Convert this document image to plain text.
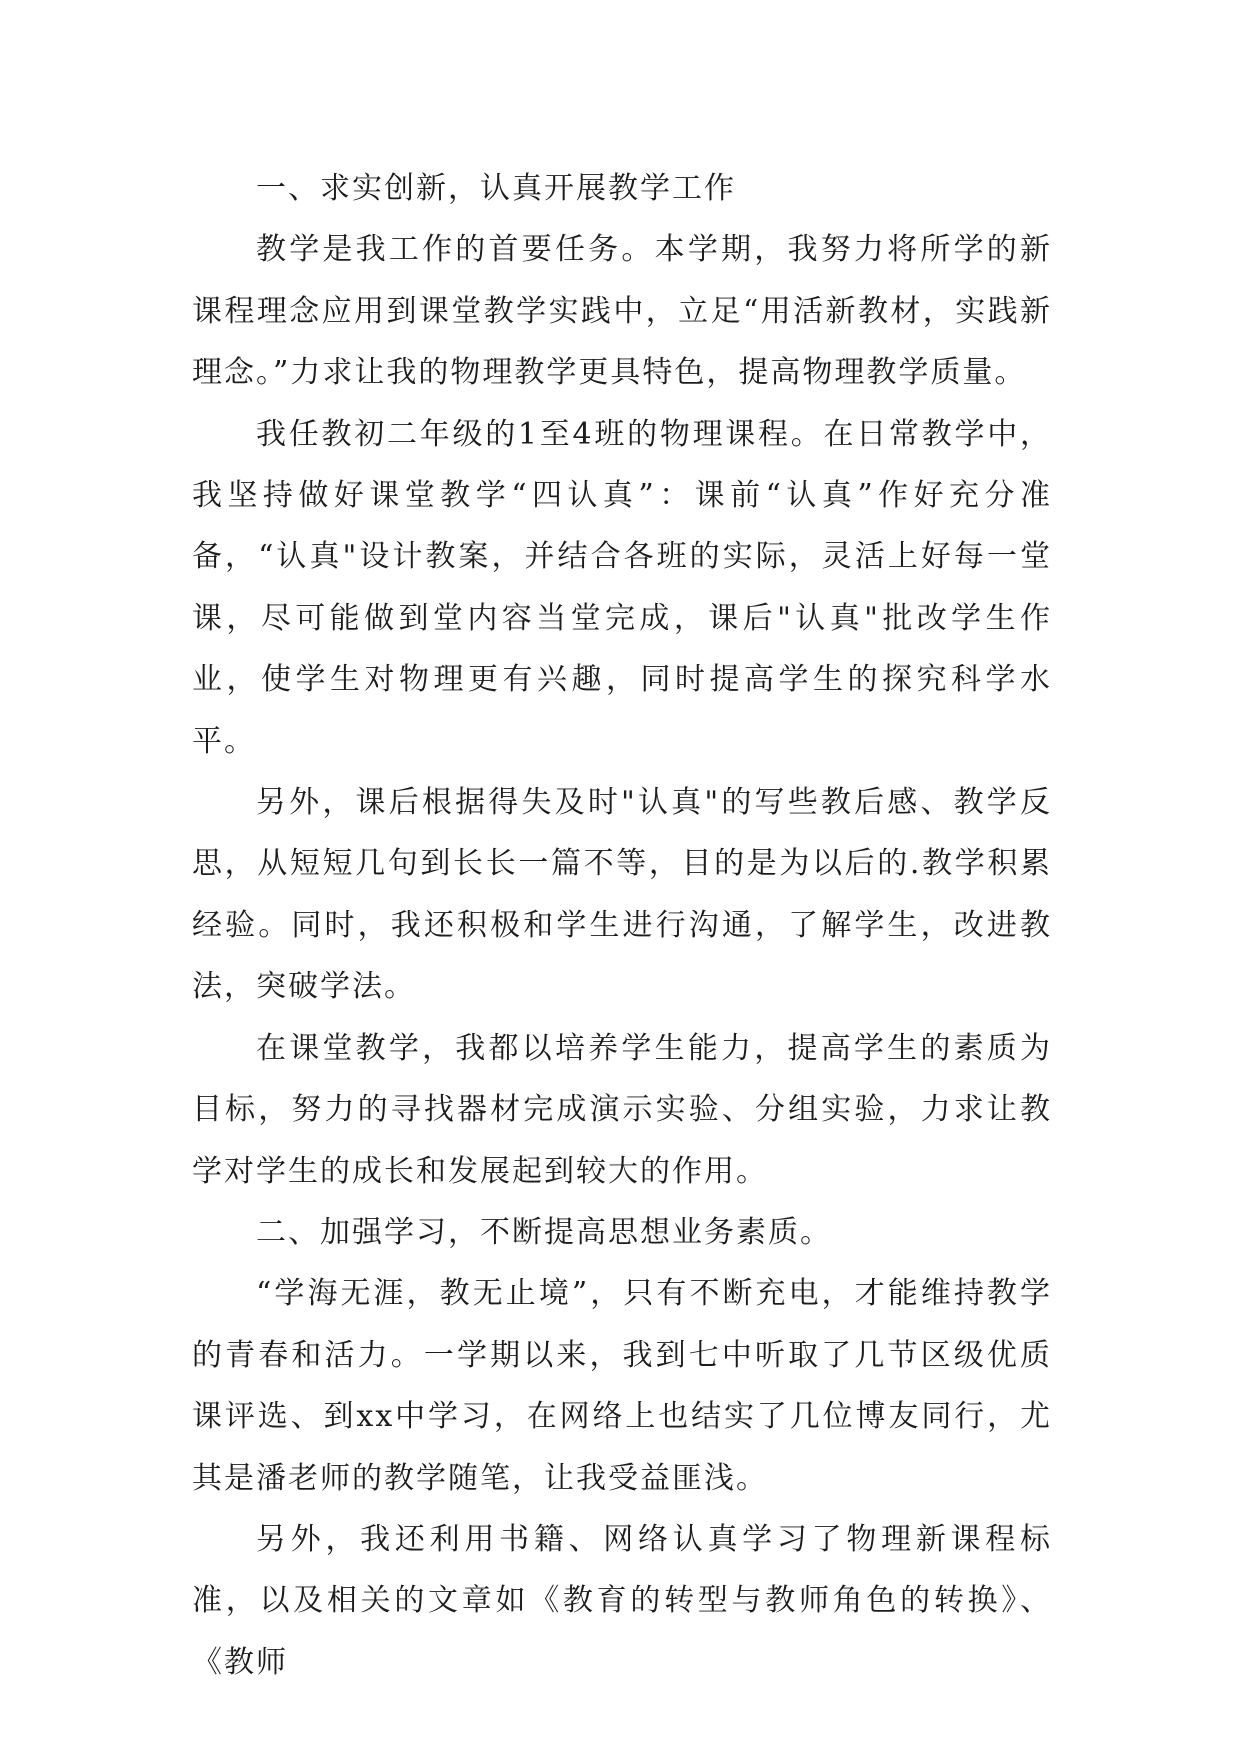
一、求实创新，认真开展教学工作

教学是我工作的首要任务。本学期，我努力将所学的新课程理念应用到课堂教学实践中，立足“用活新教材，实践新理念。”力求让我的物理教学更具特色，提高物理教学质量。

我任教初二年级的1至4班的物理课程。在日常教学中，我坚持做好课堂教学“四认真”：课前“认真”作好充分准备，“认真"设计教案，并结合各班的实际，灵活上好每一堂课，尽可能做到堂内容当堂完成，课后"认真"批改学生作业，使学生对物理更有兴趣，同时提高学生的探究科学水平。

另外，课后根据得失及时"认真"的写些教后感、教学反思，从短短几句到长长一篇不等，目的是为以后的.教学积累经验。同时，我还积极和学生进行沟通，了解学生，改进教法，突破学法。

在课堂教学，我都以培养学生能力，提高学生的素质为目标，努力的寻找器材完成演示实验、分组实验，力求让教学对学生的成长和发展起到较大的作用。

二、加强学习，不断提高思想业务素质。

“学海无涯，教无止境”，只有不断充电，才能维持教学的青春和活力。一学期以来，我到七中听取了几节区级优质课评选、到xx中学习，在网络上也结实了几位博友同行，尤其是潘老师的教学随笔，让我受益匪浅。

另外，我还利用书籍、网络认真学习了物理新课程标准，以及相关的文章如《教育的转型与教师角色的转换》、《教师
